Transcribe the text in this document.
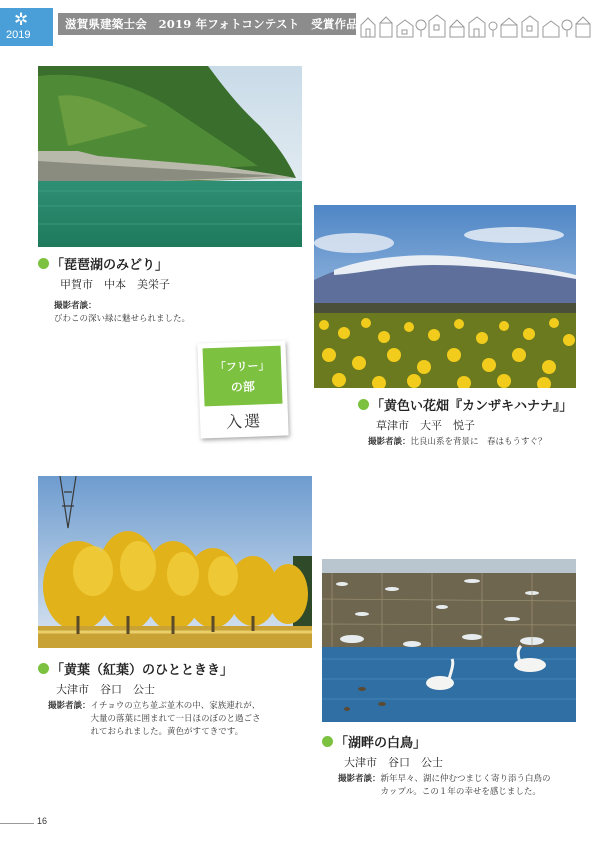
✲
2019
滋賀県建築士会　2019 年フォトコンテスト　受賞作品発表
「琵琶湖のみどり」
甲賀市　中本　美栄子
撮影者談：
びわこの深い緑に魅せられました。
「フリー」
の部
入選
「黄色い花畑『カンザキハナナ』」
草津市　大平　悦子
撮影者談： 比良山系を背景に　春はもうすぐ？
「黄葉（紅葉）のひとときき」
大津市　谷口　公士
撮影者談： イチョウの立ち並ぶ並木の中、家族連れが、
大量の落葉に囲まれて一日ほのぼのと過ごさ
れておられました。黄色がすてきです。
「湖畔の白鳥」
大津市　谷口　公士
撮影者談： 新年早々、湖に仲むつまじく寄り添う白鳥の
カップル。この１年の幸せを感じました。
16
